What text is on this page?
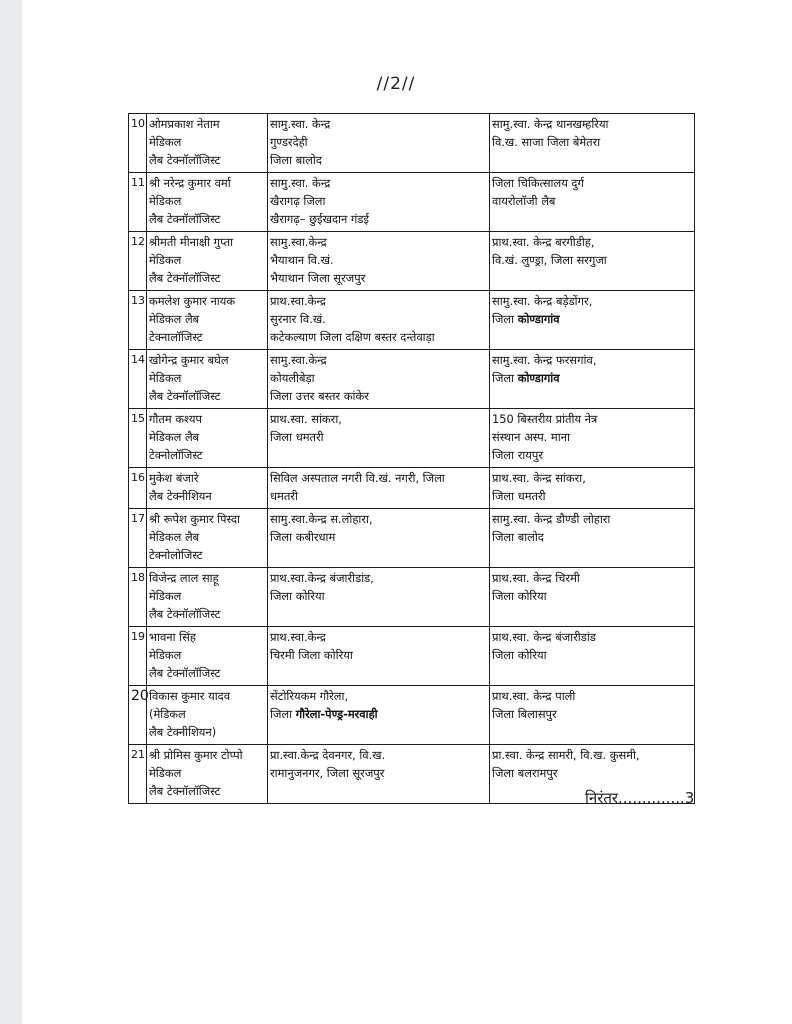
//2//
10	ओमप्रकाश नेताम
मेडिकल
लैब टेक्नॉलॉजिस्ट	सामु.स्वा. केन्द्र
गुण्डरदेही
जिला बालोद	सामु.स्वा. केन्द्र थानखम्हरिया
वि.ख. साजा जिला बेमेतरा

11	श्री नरेन्द्र कुमार वर्मा
मेडिकल
लैब टेक्नॉलॉजिस्ट	सामु.स्वा. केन्द्र
खैरागढ़ जिला
खैरागढ़– छुईखदान गंडई	जिला चिकित्सालय दुर्ग
वायरोलॉजी लैब

12	श्रीमती मीनाक्षी गुप्ता
मेडिकल
लैब टेक्नॉलॉजिस्ट	सामु.स्वा.केन्द्र
भैयाथान वि.खं.
भैयाथान जिला सूरजपुर	प्राथ.स्वा. केन्द्र बरगीडीह,
वि.खं. लुण्ड्रा, जिला सरगुजा

13	कमलेश कुमार नायक
मेडिकल लैब
टेक्नालॉजिस्ट	प्राथ.स्वा.केन्द्र
सुरनार वि.खं.
कटेकल्याण जिला दक्षिण बस्तर दन्तेवाड़ा	सामु.स्वा. केन्द्र बड़ेडोंगर,
जिला कोण्डागांव

14	खोगेन्द्र कुमार बघेल
मेडिकल
लैब टेक्नॉलॉजिस्ट	सामु.स्वा.केन्द्र
कोयलीबेड़ा
जिला उत्तर बस्तर कांकेर	सामु.स्वा. केन्द्र फरसगांव,
जिला कोण्डागांव

15	गौतम कश्यप
मेडिकल लैब
टेक्नोलॉजिस्ट	प्राथ.स्वा. सांकरा,
जिला धमतरी	150 बिस्तरीय प्रांतीय नेत्र
संस्थान अस्प. माना
जिला रायपुर

16	मुकेश बंजारे
लैब टेक्नीशियन	सिविल अस्पताल नगरी वि.खं. नगरी, जिला
धमतरी	प्राथ.स्वा. केन्द्र सांकरा,
जिला धमतरी

17	श्री रूपेश कुमार पिस्दा
मेडिकल लैब
टेक्नोलोजिस्ट	सामु.स्वा.केन्द्र स.लोहारा,
जिला कबीरधाम	सामु.स्वा. केन्द्र डौण्डी लोहारा
जिला बालोद

18	विजेन्द्र लाल साहू
मेडिकल
लैब टेक्नॉलॉजिस्ट	प्राथ.स्वा.केन्द्र बंजारीडांड,
जिला कोरिया	प्राथ.स्वा. केन्द्र चिरमी
जिला कोरिया

19	भावना सिंह
मेडिकल
लैब टेक्नॉलॉजिस्ट	प्राथ.स्वा.केन्द्र
चिरमी जिला कोरिया	प्राथ.स्वा. केन्द्र बंजारीडांड
जिला कोरिया

20	विकास कुमार यादव
(मेडिकल
लैब टेक्नीशियन)	सेंटोरियकम गौरेला,
जिला गौरेला-पेण्ड्र-मरवाही	प्राथ.स्वा. केन्द्र पाली
जिला बिलासपुर

21	श्री प्रोमिस कुमार टोप्पो
मेडिकल
लैब टेक्नॉलॉजिस्ट	प्रा.स्वा.केन्द्र देवनगर, वि.ख.
रामानुजनगर, जिला सूरजपुर	प्रा.स्वा. केन्द्र सामरी, वि.ख. कुसमी,
जिला बलरामपुर
निरंतर..............3
